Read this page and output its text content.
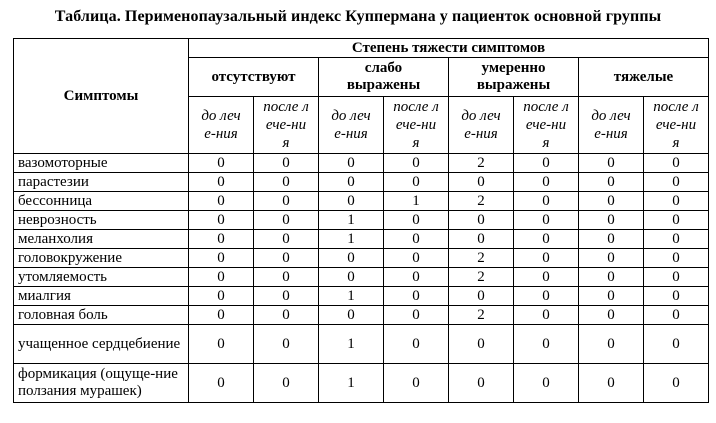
Таблица. Перименопаузальный индекс Куппермана у пациенток основной группы
Симптомы	Степень тяжести симптомов							
	отсутствуют		слабо выражены		умеренно выражены		тяжелые	
	до лече-ния	после лече-ния	до лече-ния	после лече-ния	до лече-ния	после лече-ния	до лече-ния	после лече-ния
вазомоторные	0	0	0	0	2	0	0	0
парастезии	0	0	0	0	0	0	0	0
бессонница	0	0	0	1	2	0	0	0
неврозность	0	0	1	0	0	0	0	0
меланхолия	0	0	1	0	0	0	0	0
головокружение	0	0	0	0	2	0	0	0
утомляемость	0	0	0	0	2	0	0	0
миалгия	0	0	1	0	0	0	0	0
головная боль	0	0	0	0	2	0	0	0
учащенное сердцебиение	0	0	1	0	0	0	0	0
формикация (ощуще-ние ползания мурашек)	0	0	1	0	0	0	0	0
